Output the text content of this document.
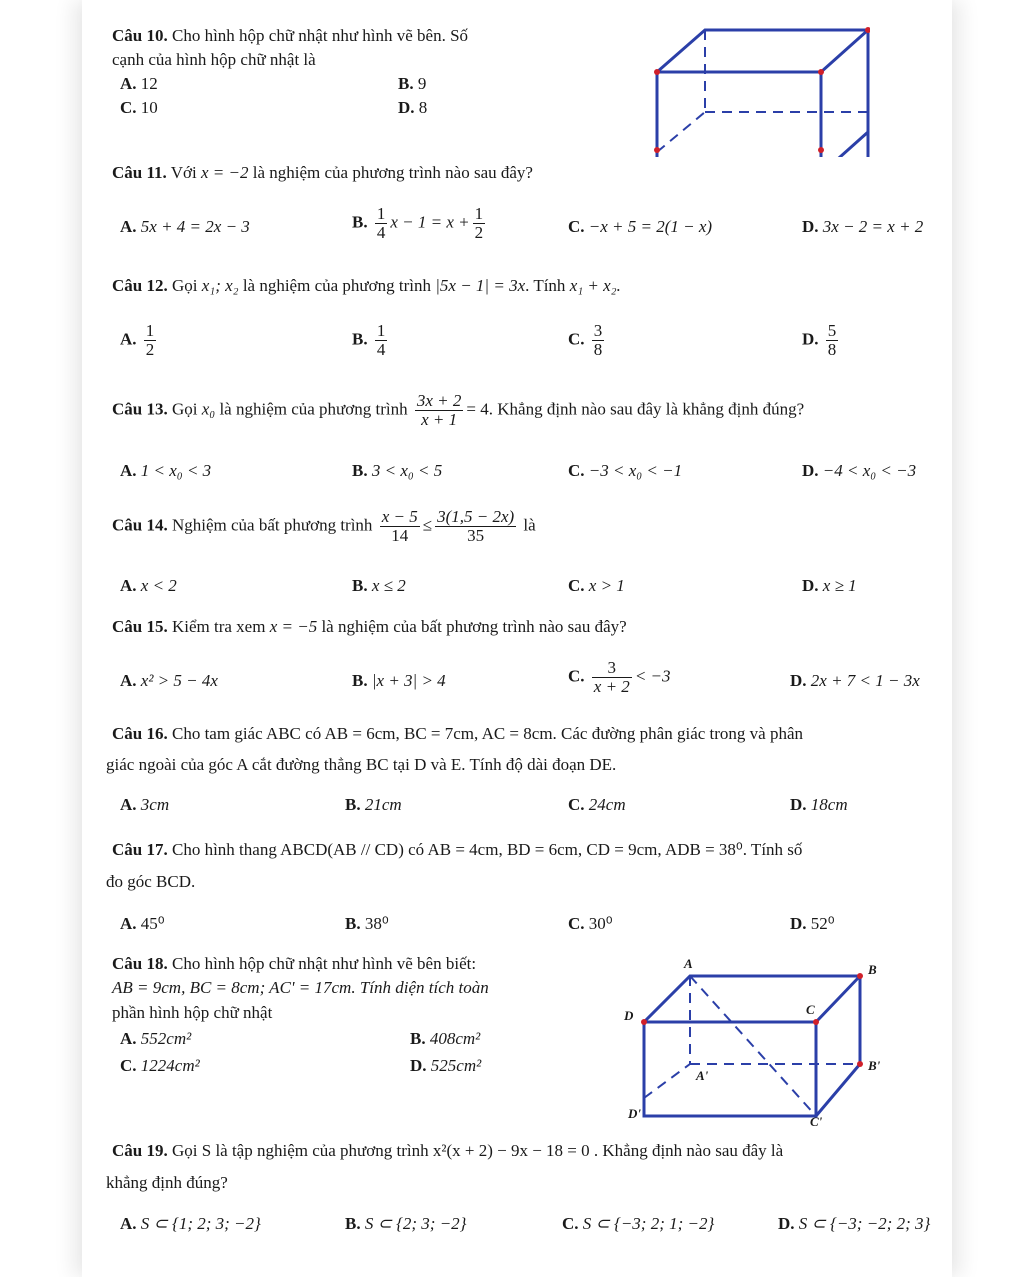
Câu 10. Cho hình hộp chữ nhật như hình vẽ bên. Số
cạnh của hình hộp chữ nhật là
A. 12	B. 9
C. 10	D. 8
Câu 11. Với x = −2 là nghiệm của phương trình nào sau đây?
A. 5x + 4 = 2x − 3	B. $\frac{1}{4}$ $x - 1 = x + \frac{1}{2}$	C. −x + 5 = 2(1 − x)	D. 3x − 2 = x + 2
Câu 12. Gọi x₁; x₂ là nghiệm của phương trình |5x − 1| = 3x. Tính x₁ + x₂.
A. $\frac{1}{2}$	B. $\frac{1}{4}$	C. $\frac{3}{8}$	D. $\frac{5}{8}$
Câu 13. Gọi x₀ là nghiệm của phương trình $\frac{3x + 2}{x + 1} = 4$. Khẳng định nào sau đây là khẳng định đúng?
A. 1 < x₀ < 3	B. 3 < x₀ < 5	C. −3 < x₀ < −1	D. −4 < x₀ < −3
Câu 14. Nghiệm của bất phương trình $\frac{x - 5}{14} \le \frac{3(1,5 - 2x)}{35}$ là
A. x < 2	B. x ≤ 2	C. x > 1	D. x ≥ 1
Câu 15. Kiểm tra xem x = −5 là nghiệm của bất phương trình nào sau đây?
A. x² > 5 − 4x	B. |x + 3| > 4	C. $\frac{3}{x + 2} < -3$	D. 2x + 7 < 1 − 3x
Câu 16. Cho tam giác ABC có AB = 6cm, BC = 7cm, AC = 8cm. Các đường phân giác trong và phân
giác ngoài của góc A cắt đường thẳng BC tại D và E. Tính độ dài đoạn DE.
A. 3cm	B. 21cm	C. 24cm	D. 18cm
Câu 17. Cho hình thang ABCD(AB // CD) có AB = 4cm, BD = 6cm, CD = 9cm, ADB = 38⁰. Tính số
đo góc BCD.
A. 45⁰	B. 38⁰	C. 30⁰	D. 52⁰
Câu 18. Cho hình hộp chữ nhật như hình vẽ bên biết:
AB = 9cm, BC = 8cm; AC' = 17cm. Tính diện tích toàn
phần hình hộp chữ nhật
A. 552cm²	B. 408cm²
C. 1224cm²	D. 525cm²
A	B
C
D
A'
B'
C'
D'
Câu 19. Gọi S là tập nghiệm của phương trình x²(x + 2) − 9x − 18 = 0 . Khẳng định nào sau đây là
khẳng định đúng?
A. S ⊂ {1; 2; 3; −2}	B. S ⊂ {2; 3; −2}	C. S ⊂ {−3; 2; 1; −2}	D. S ⊂ {−3; −2; 2; 3}
